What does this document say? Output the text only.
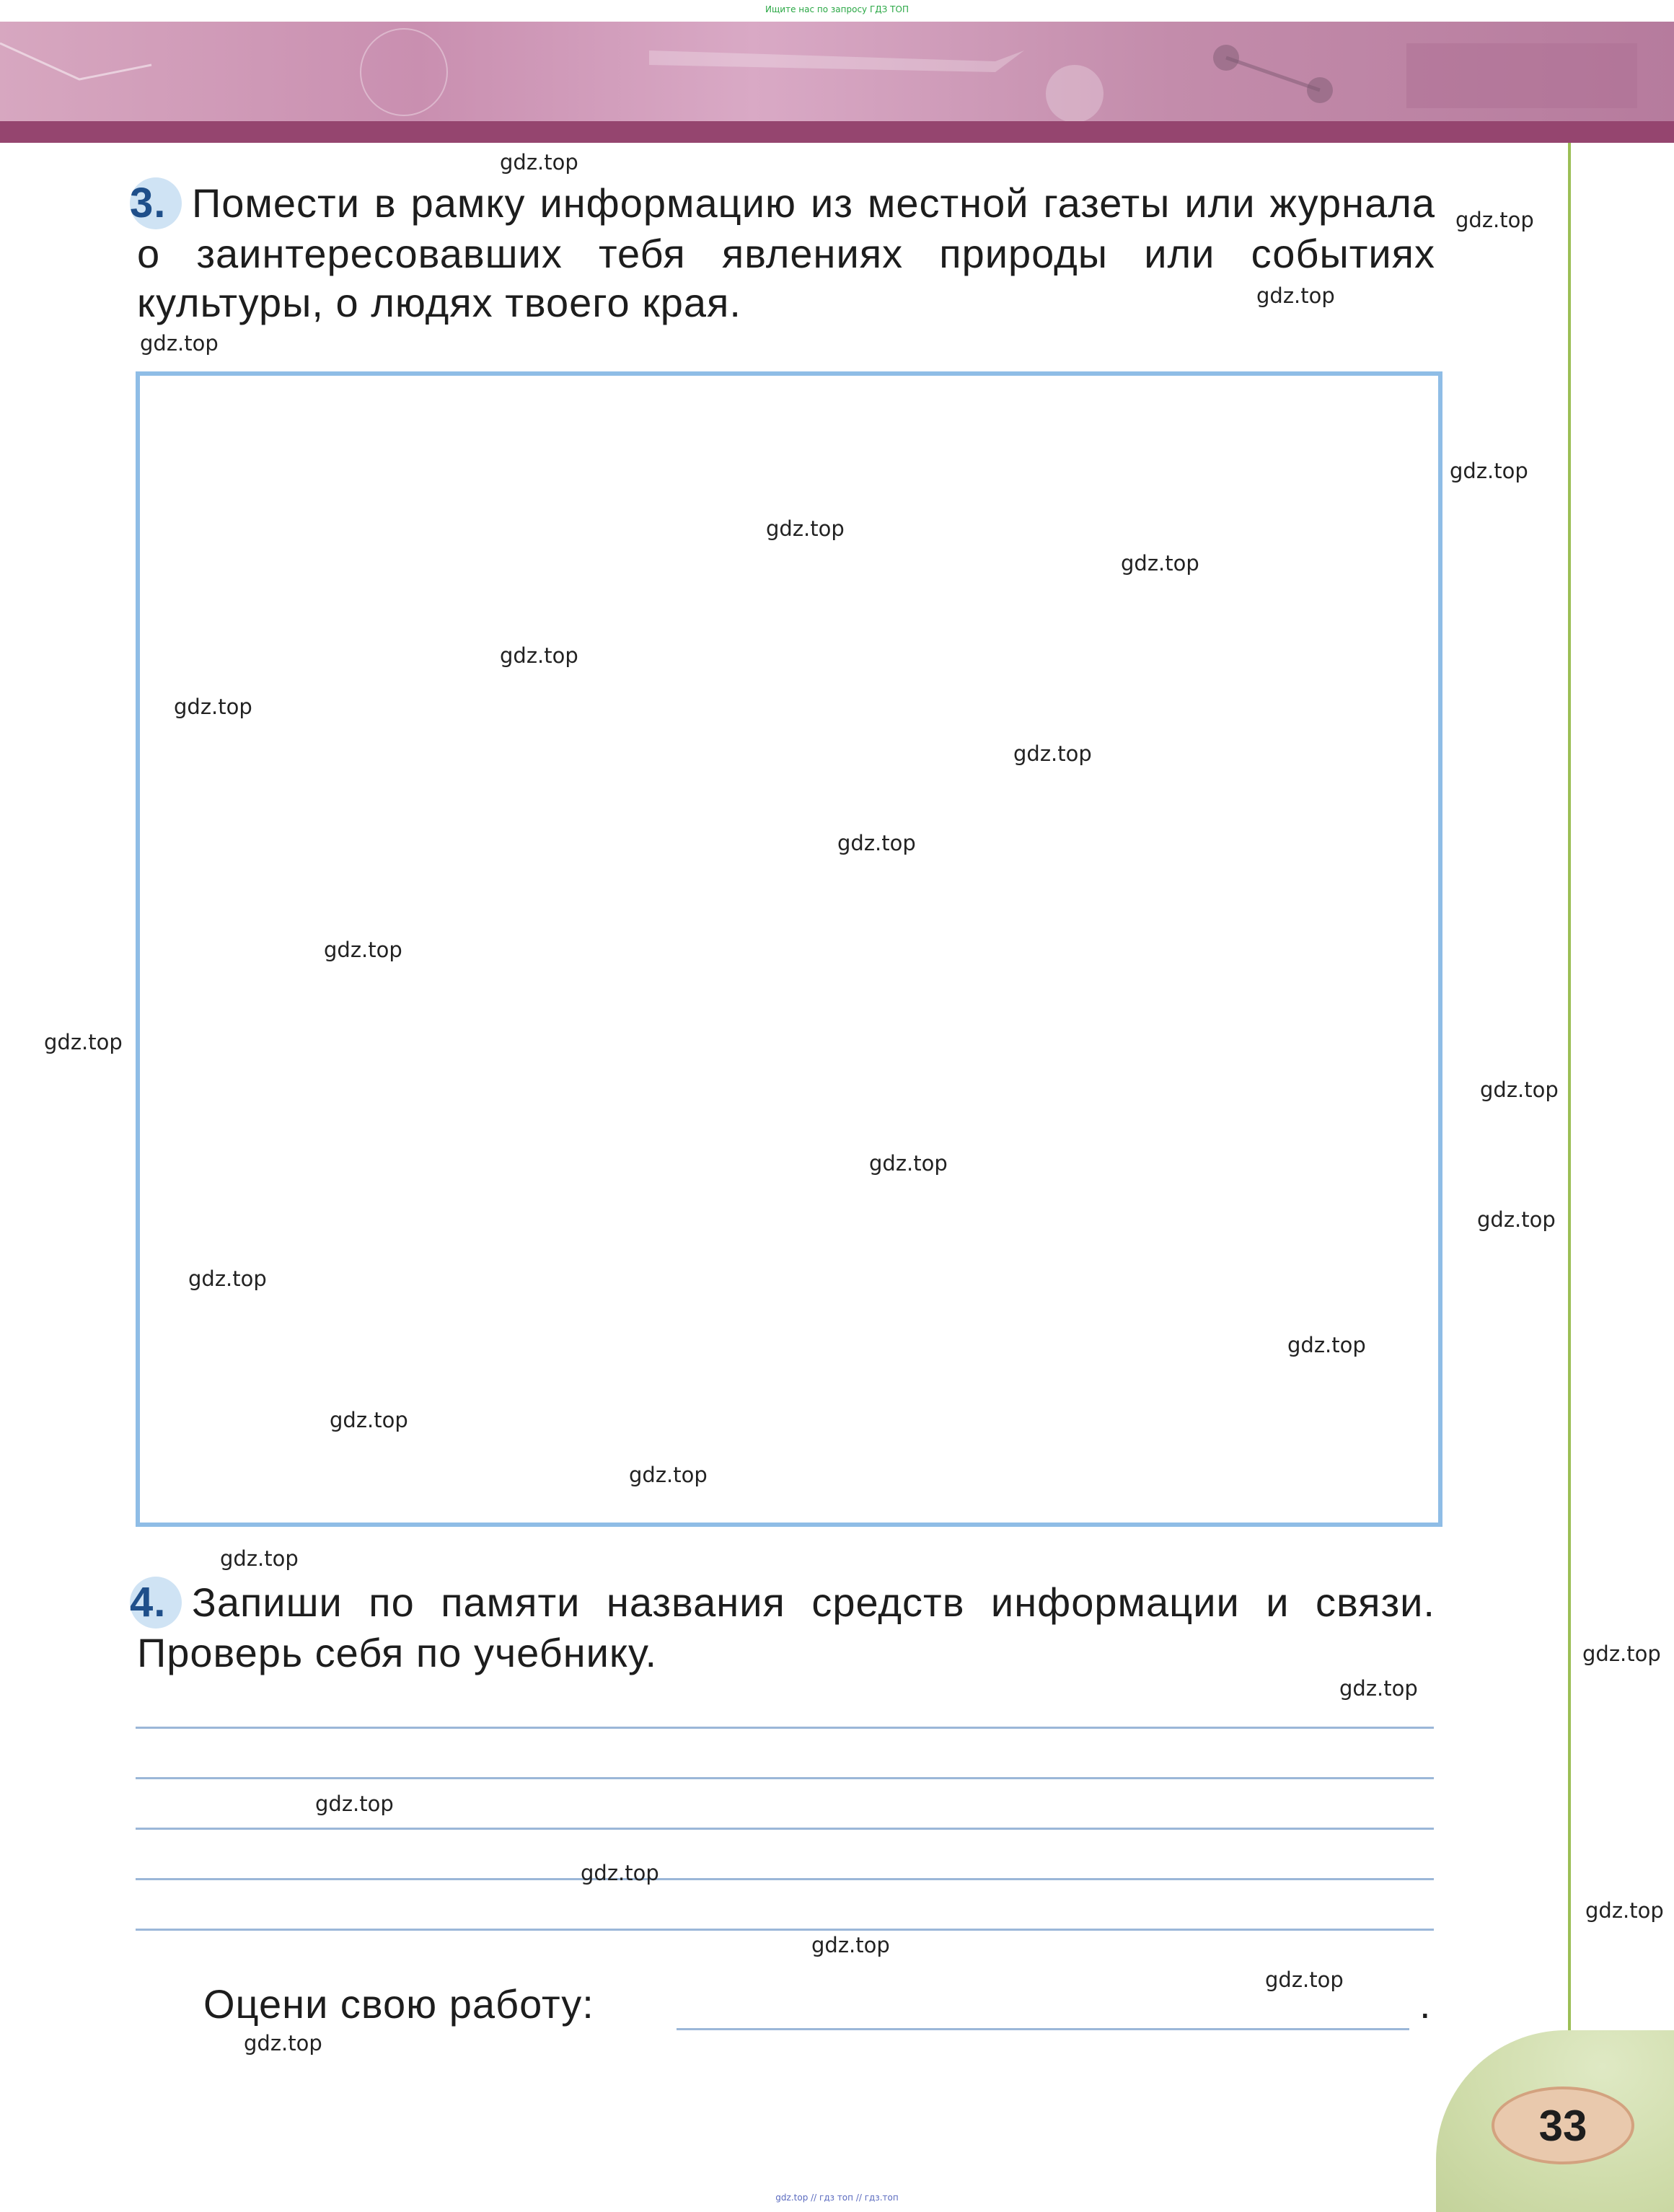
Ищите нас по запросу ГДЗ ТОП
3. Помести в рамку информацию из местной газеты или журнала о заинтересовавших тебя явлениях природы или событиях культуры, о людях твоего края.
4. Запиши по памяти названия средств информации и связи. Проверь себя по учебнику.
Оцени свою работу:	.
33
gdz.top
gdz.top
gdz.top
gdz.top
gdz.top
gdz.top
gdz.top
gdz.top
gdz.top
gdz.top
gdz.top
gdz.top
gdz.top
gdz.top
gdz.top
gdz.top
gdz.top
gdz.top
gdz.top
gdz.top
gdz.top
gdz.top
gdz.top
gdz.top
gdz.top
gdz.top
gdz.top
gdz.top
gdz.top
gdz.top // гдз топ // гдз.топ
